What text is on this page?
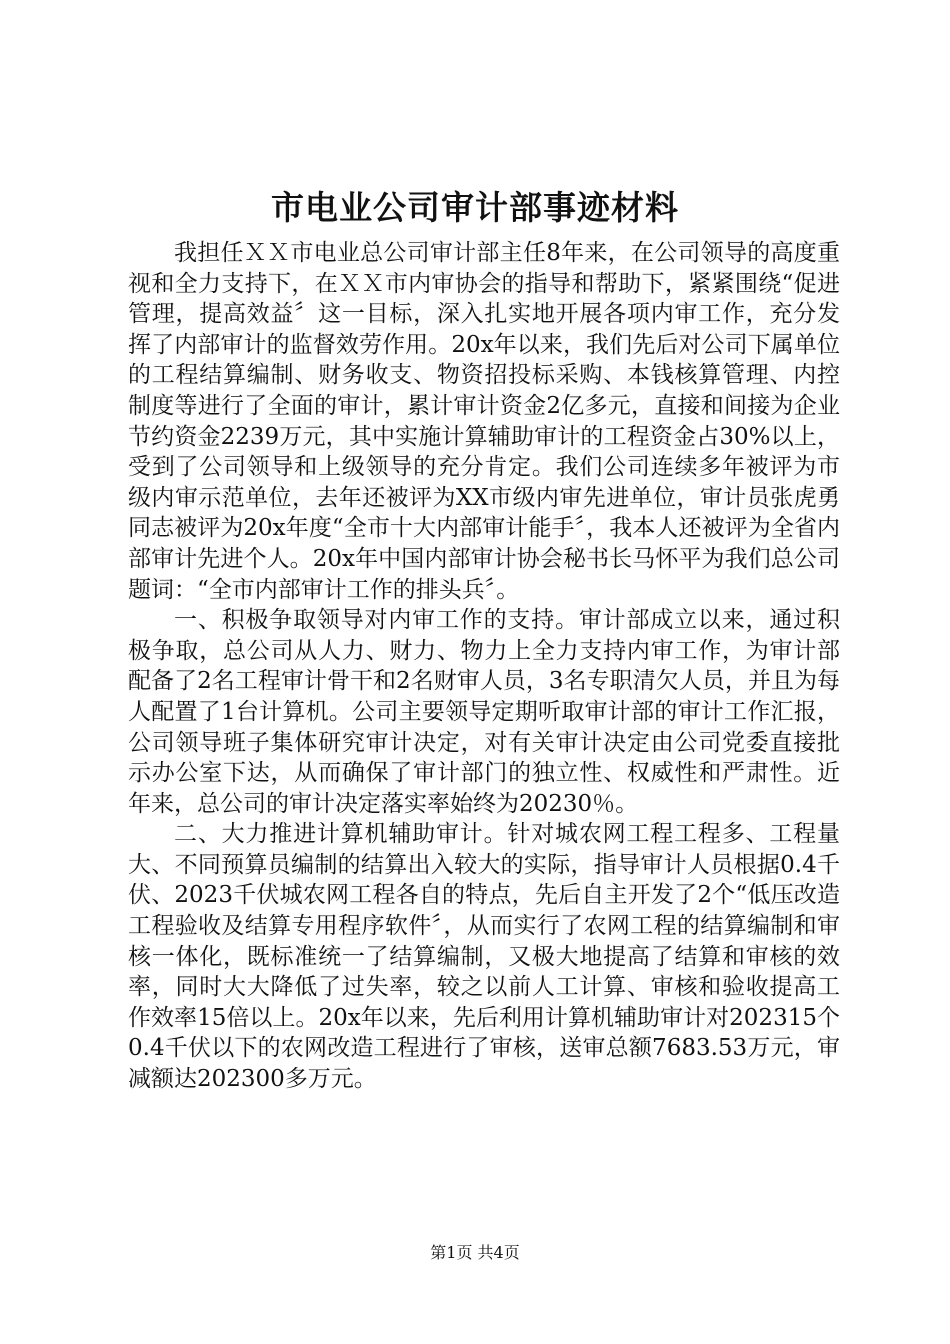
市电业公司审计部事迹材料

我担任ＸＸ市电业总公司审计部主任8年来，在公司领导的高度重视和全力支持下，在ＸＸ市内审协会的指导和帮助下，紧紧围绕“促进管理，提高效益〞这一目标，深入扎实地开展各项内审工作，充分发挥了内部审计的监督效劳作用。20x年以来，我们先后对公司下属单位的工程结算编制、财务收支、物资招投标采购、本钱核算管理、内控制度等进行了全面的审计，累计审计资金2亿多元，直接和间接为企业节约资金2239万元，其中实施计算辅助审计的工程资金占30%以上，受到了公司领导和上级领导的充分肯定。我们公司连续多年被评为市级内审示范单位，去年还被评为XX市级内审先进单位，审计员张虎勇同志被评为20x年度“全市十大内部审计能手〞，我本人还被评为全省内部审计先进个人。20x年中国内部审计协会秘书长马怀平为我们总公司题词：“全市内部审计工作的排头兵〞。

一、积极争取领导对内审工作的支持。审计部成立以来，通过积极争取，总公司从人力、财力、物力上全力支持内审工作，为审计部配备了2名工程审计骨干和2名财审人员，3名专职清欠人员，并且为每人配置了1台计算机。公司主要领导定期听取审计部的审计工作汇报，公司领导班子集体研究审计决定，对有关审计决定由公司党委直接批示办公室下达，从而确保了审计部门的独立性、权威性和严肃性。近年来，总公司的审计决定落实率始终为20230％。

二、大力推进计算机辅助审计。针对城农网工程工程多、工程量大、不同预算员编制的结算出入较大的实际，指导审计人员根据0.4千伏、2023千伏城农网工程各自的特点，先后自主开发了2个“低压改造工程验收及结算专用程序软件〞，从而实行了农网工程的结算编制和审核一体化，既标准统一了结算编制，又极大地提高了结算和审核的效率，同时大大降低了过失率，较之以前人工计算、审核和验收提高工作效率15倍以上。20x年以来，先后利用计算机辅助审计对202315个0.4千伏以下的农网改造工程进行了审核，送审总额7683.53万元，审减额达202300多万元。

第1页 共4页
